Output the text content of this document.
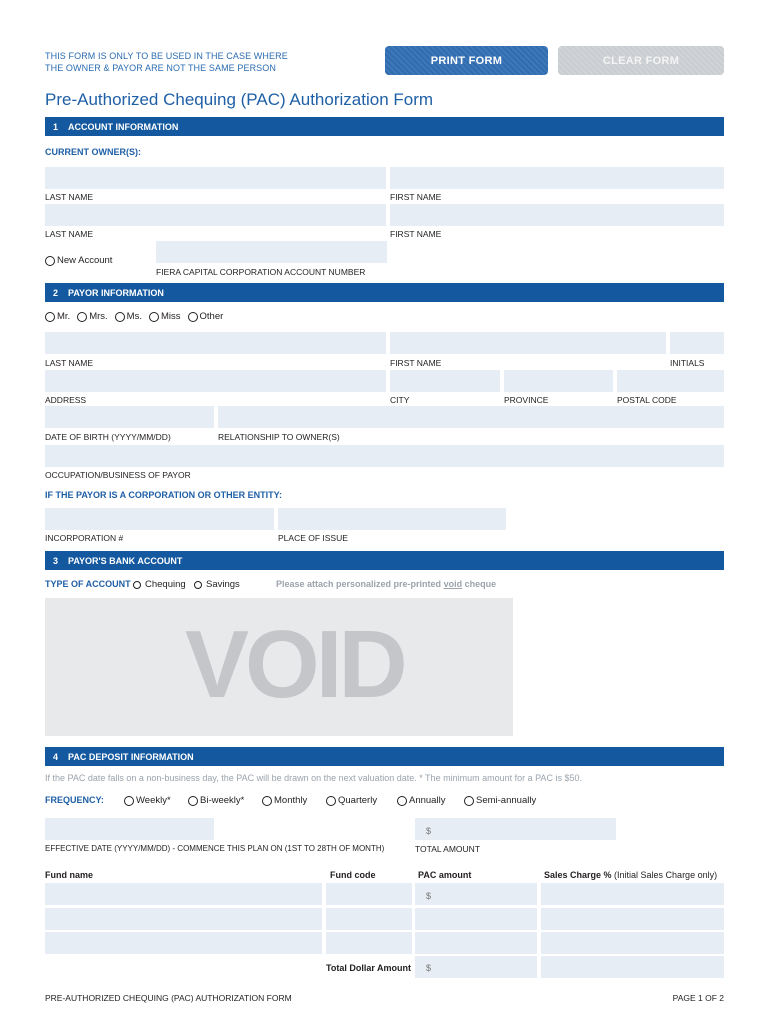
THIS FORM IS ONLY TO BE USED IN THE CASE WHERE
THE OWNER & PAYOR ARE NOT THE SAME PERSON
PRINT FORM	CLEAR FORM
Pre-Authorized Chequing (PAC) Authorization Form
1	ACCOUNT INFORMATION
CURRENT OWNER(S):
LAST NAME	FIRST NAME
LAST NAME	FIRST NAME
New Account
FIERA CAPITAL CORPORATION ACCOUNT NUMBER
2	PAYOR INFORMATION
Mr. Mrs. Ms. Miss Other
LAST NAME	FIRST NAME	INITIALS
ADDRESS	CITY	PROVINCE	POSTAL CODE
DATE OF BIRTH (YYYY/MM/DD)	RELATIONSHIP TO OWNER(S)
OCCUPATION/BUSINESS OF PAYOR
IF THE PAYOR IS A CORPORATION OR OTHER ENTITY:
INCORPORATION #	PLACE OF ISSUE
3	PAYOR'S BANK ACCOUNT
TYPE OF ACCOUNT Chequing Savings	Please attach personalized pre-printed void cheque
VOID
4	PAC DEPOSIT INFORMATION
If the PAC date falls on a non-business day, the PAC will be drawn on the next valuation date. * The minimum amount for a PAC is $50.
FREQUENCY:	Weekly*	Bi-weekly*	Monthly	Quarterly	Annually	Semi-annually
$
EFFECTIVE DATE (YYYY/MM/DD) - COMMENCE THIS PLAN ON (1ST TO 28TH OF MONTH)	TOTAL AMOUNT
Fund name	Fund code	PAC amount	Sales Charge % (Initial Sales Charge only)
$
Total Dollar Amount $
PRE-AUTHORIZED CHEQUING (PAC) AUTHORIZATION FORM	PAGE 1 OF 2
